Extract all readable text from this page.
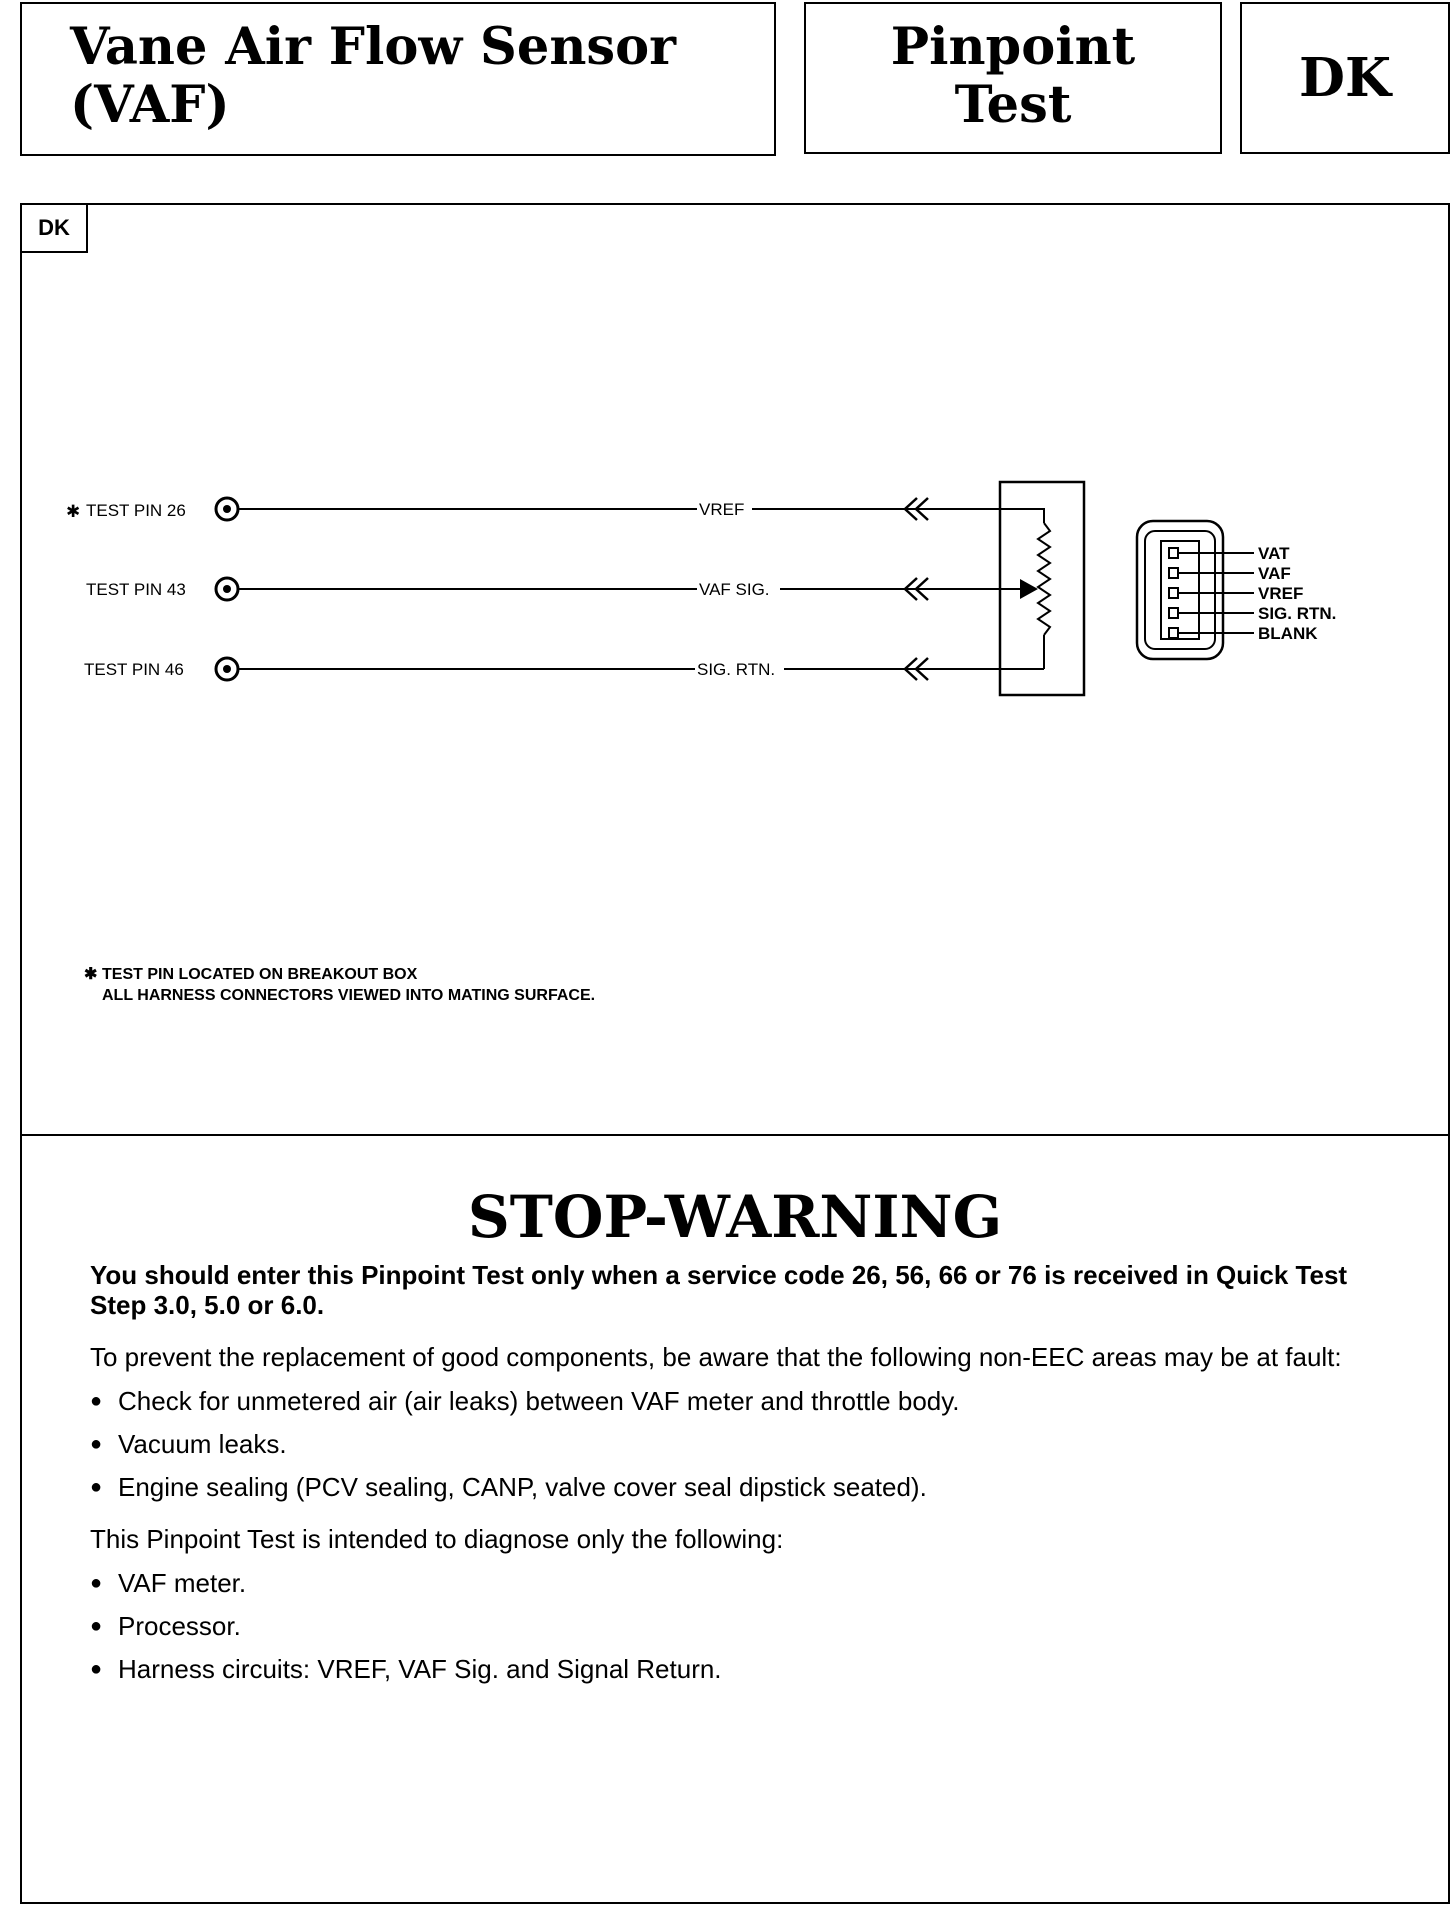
Vane Air Flow Sensor
(VAF)
Pinpoint
Test	DK
DK
✱ TEST PIN 26	VREF
TEST PIN 43	VAF SIG.
TEST PIN 46	SIG. RTN.
VAT
VAF
VREF
SIG. RTN.
BLANK
✱ TEST PIN LOCATED ON BREAKOUT BOX
ALL HARNESS CONNECTORS VIEWED INTO MATING SURFACE.
STOP-WARNING

You should enter this Pinpoint Test only when a service code 26, 56, 66 or 76 is received in Quick Test Step 3.0, 5.0 or 6.0.

To prevent the replacement of good components, be aware that the following non-EEC areas may be at fault:

● Check for unmetered air (air leaks) between VAF meter and throttle body.

● Vacuum leaks.

● Engine sealing (PCV sealing, CANP, valve cover seal dipstick seated).

This Pinpoint Test is intended to diagnose only the following:

● VAF meter.

● Processor.

● Harness circuits: VREF, VAF Sig. and Signal Return.
